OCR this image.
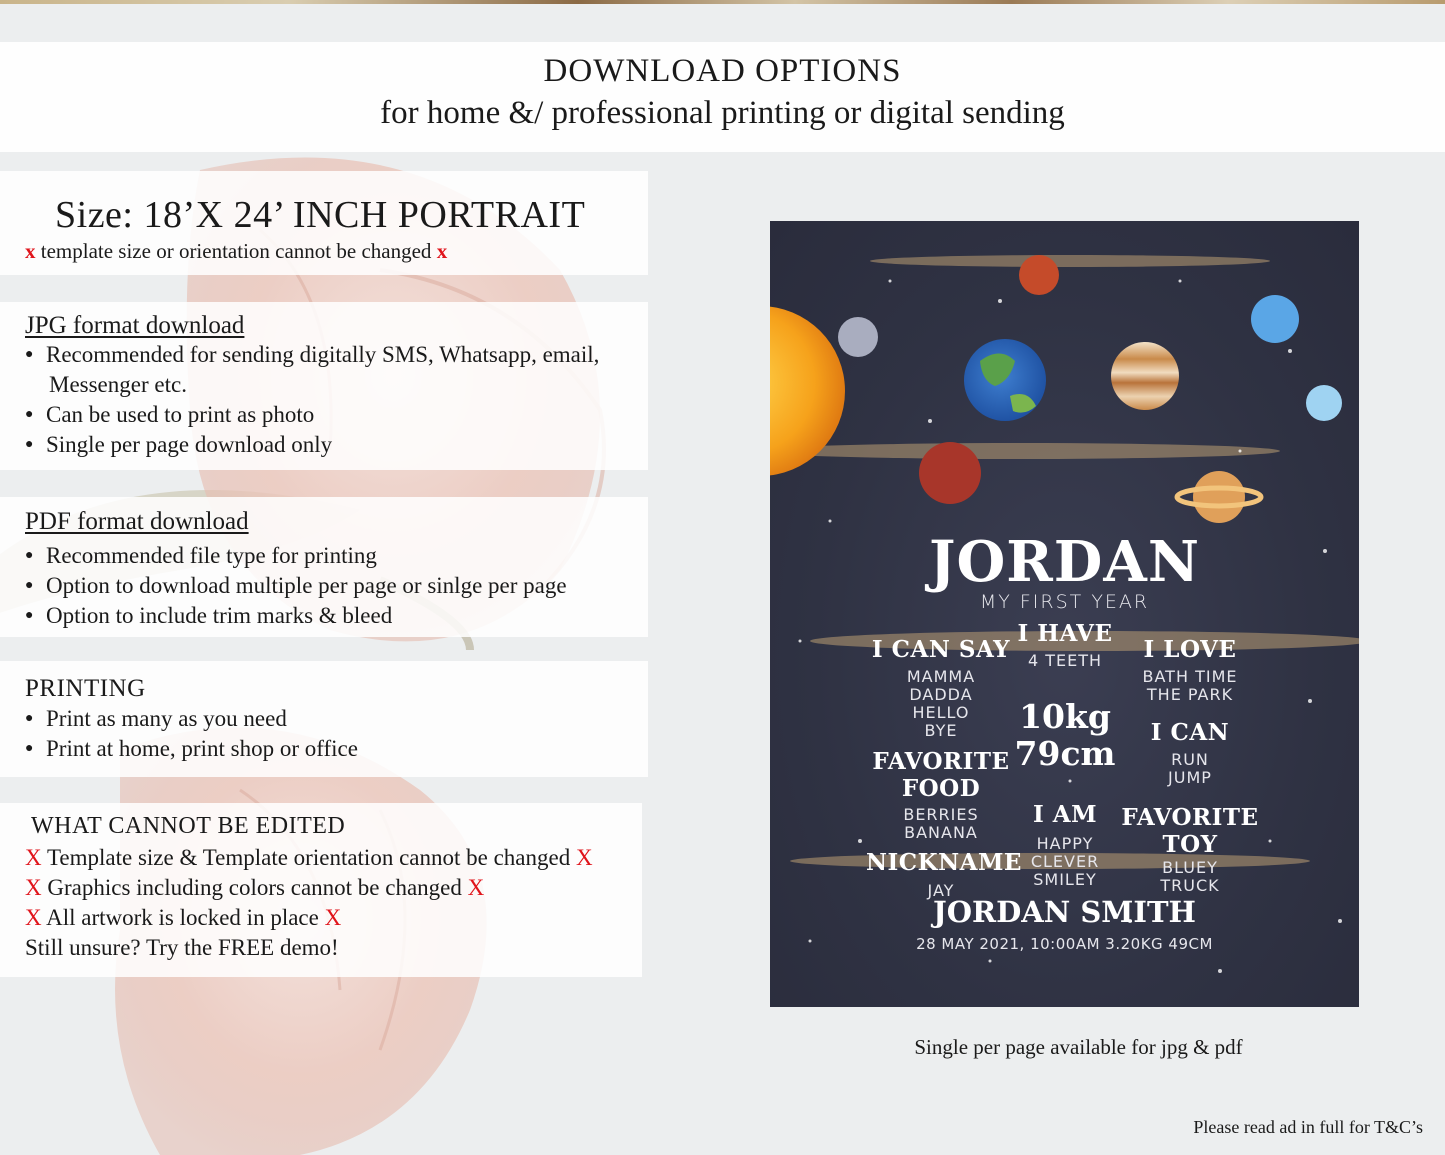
DOWNLOAD OPTIONS
for home &/ professional printing or digital sending
Size: 18’X 24’ INCH PORTRAIT
x template size or orientation cannot be changed x
JPG format download
● Recommended for sending digitally SMS, Whatsapp, email,
Messenger etc.
● Can be used to print as photo
● Single per page download only
PDF format download
● Recommended file type for printing
● Option to download multiple per page or sinlge per page
● Option to include trim marks & bleed
PRINTING
● Print as many as you need
● Print at home, print shop or office
WHAT CANNOT BE EDITED
X Template size & Template orientation cannot be changed X
X Graphics including colors cannot be changed X
X All artwork is locked in place X
Still unsure? Try the FREE demo!
JORDAN
MY FIRST YEAR
I CAN SAY
MAMMA
DADDA
HELLO
BYE
I HAVE
4 TEETH	I LOVE
BATH TIME
THE PARK
10kg
79cm
I CAN
RUN
JUMP
FAVORITE
FOOD
BERRIES
BANANA
I AM
HAPPY
CLEVER
SMILEY
FAVORITE
TOY
BLUEY
TRUCK
NICKNAME
JAY
JORDAN SMITH
28 MAY 2021, 10:00AM 3.20KG 49CM
Single per page available for jpg & pdf
Please read ad in full for T&C’s
